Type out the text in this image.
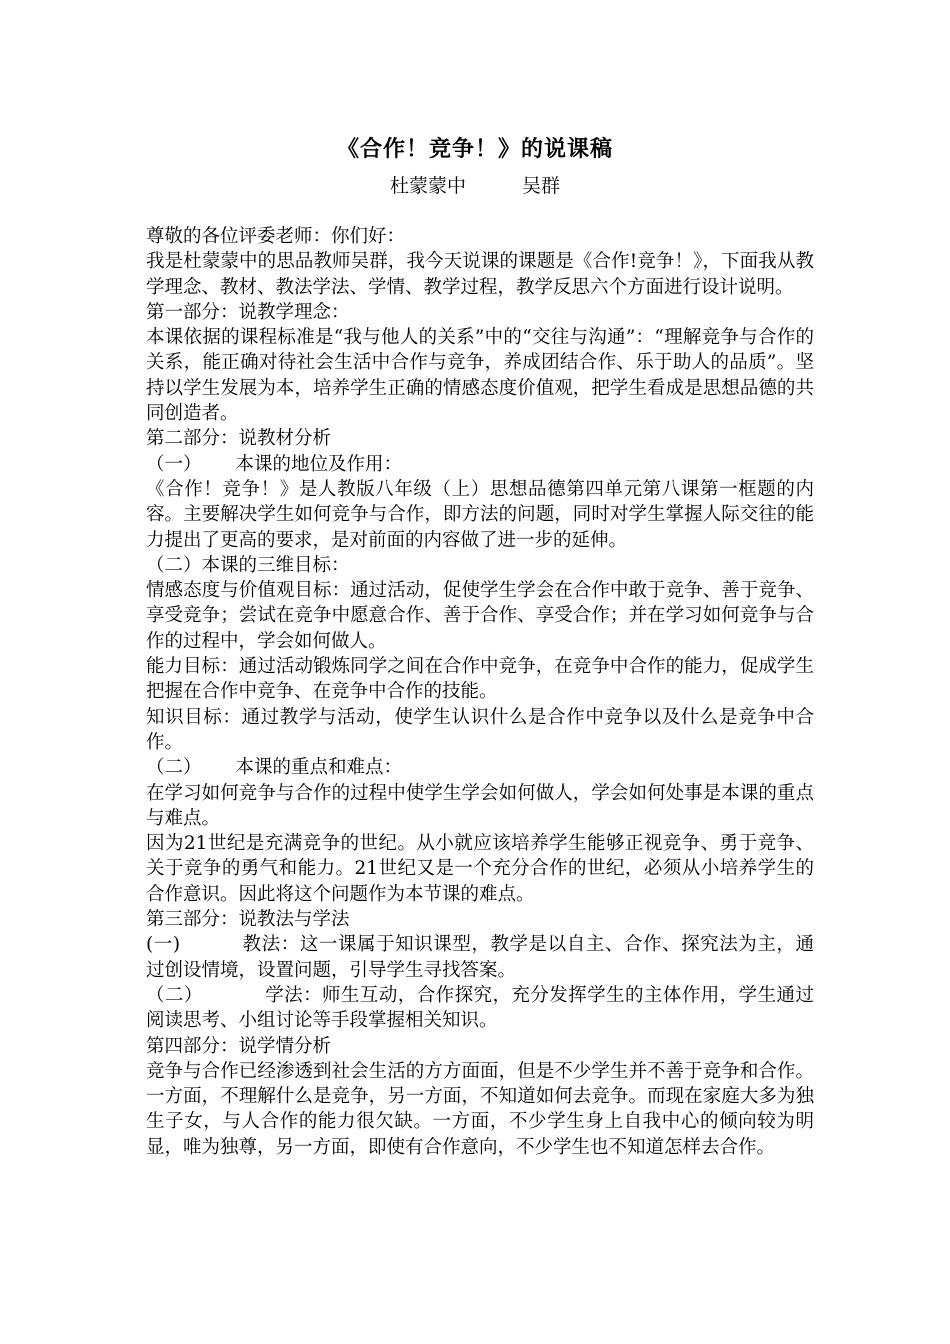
《合作！竞争！》的说课稿
杜蒙蒙中	吴群

尊敬的各位评委老师：你们好：

我是杜蒙蒙中的思品教师吴群，我今天说课的课题是《合作!竞争！》，下面我从教学理念、教材、教法学法、学情、教学过程，教学反思六个方面进行设计说明。

第一部分：说教学理念：

本课依据的课程标准是“我与他人的关系”中的“交往与沟通”：“理解竞争与合作的关系，能正确对待社会生活中合作与竞争，养成团结合作、乐于助人的品质”。坚持以学生发展为本，培养学生正确的情感态度价值观，把学生看成是思想品德的共同创造者。

第二部分：说教材分析

（一） 本课的地位及作用：

《合作！竞争！》是人教版八年级（上）思想品德第四单元第八课第一框题的内容。主要解决学生如何竞争与合作，即方法的问题，同时对学生掌握人际交往的能力提出了更高的要求，是对前面的内容做了进一步的延伸。

（二）本课的三维目标：

情感态度与价值观目标：通过活动，促使学生学会在合作中敢于竞争、善于竞争、享受竞争；尝试在竞争中愿意合作、善于合作、享受合作；并在学习如何竞争与合作的过程中，学会如何做人。

能力目标：通过活动锻炼同学之间在合作中竞争，在竞争中合作的能力，促成学生把握在合作中竞争、在竞争中合作的技能。

知识目标：通过教学与活动，使学生认识什么是合作中竞争以及什么是竞争中合作。

（二） 本课的重点和难点：

在学习如何竞争与合作的过程中使学生学会如何做人，学会如何处事是本课的重点与难点。

因为21世纪是充满竞争的世纪。从小就应该培养学生能够正视竞争、勇于竞争、关于竞争的勇气和能力。21世纪又是一个充分合作的世纪，必须从小培养学生的合作意识。因此将这个问题作为本节课的难点。

第三部分：说教法与学法

(一)	教法：这一课属于知识课型，教学是以自主、合作、探究法为主，通过创设情境，设置问题，引导学生寻找答案。

（二）	学法：师生互动，合作探究，充分发挥学生的主体作用，学生通过阅读思考、小组讨论等手段掌握相关知识。

第四部分：说学情分析

竞争与合作已经渗透到社会生活的方方面面，但是不少学生并不善于竞争和合作。一方面，不理解什么是竞争，另一方面，不知道如何去竞争。而现在家庭大多为独生子女，与人合作的能力很欠缺。一方面，不少学生身上自我中心的倾向较为明显，唯为独尊，另一方面，即使有合作意向，不少学生也不知道怎样去合作。
